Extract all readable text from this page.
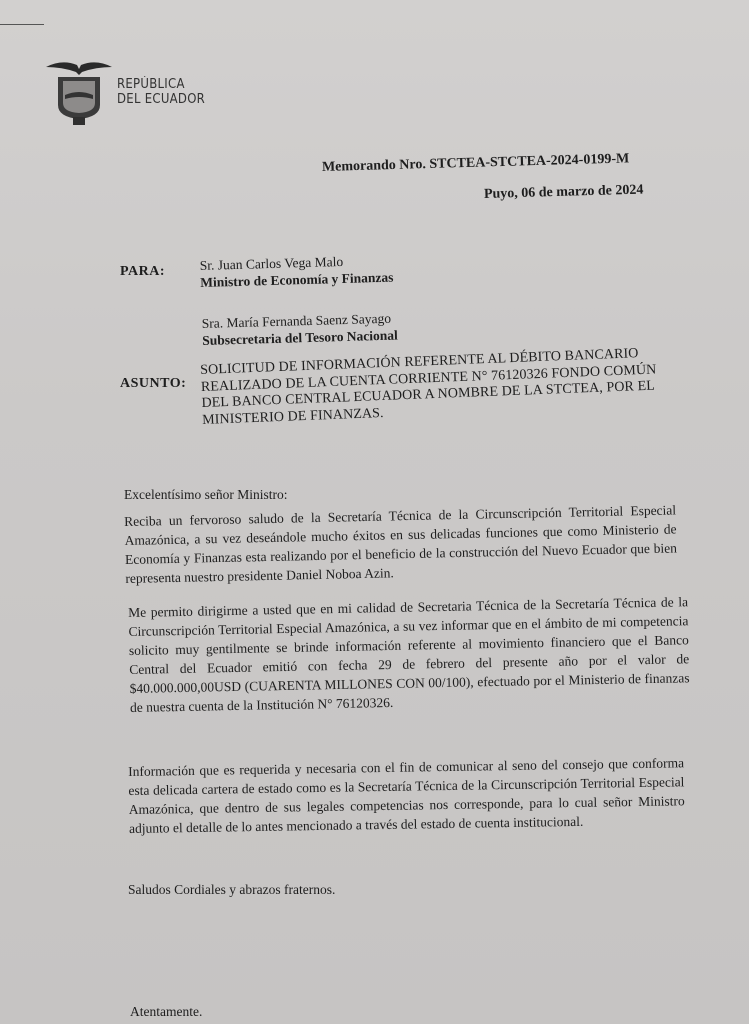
REPÚBLICA
DEL ECUADOR
Memorando Nro. STCTEA-STCTEA-2024-0199-M
Puyo, 06 de marzo de 2024
PARA:	Sr. Juan Carlos Vega Malo
Ministro de Economía y Finanzas
Sra. María Fernanda Saenz Sayago
Subsecretaria del Tesoro Nacional
ASUNTO:
SOLICITUD DE INFORMACIÓN REFERENTE AL DÉBITO BANCARIO REALIZADO DE LA CUENTA CORRIENTE N° 76120326 FONDO COMÚN DEL BANCO CENTRAL ECUADOR A NOMBRE DE LA STCTEA, POR EL MINISTERIO DE FINANZAS.
Excelentísimo señor Ministro:
Reciba un fervoroso saludo de la Secretaría Técnica de la Circunscripción Territorial Especial Amazónica, a su vez deseándole mucho éxitos en sus delicadas funciones que como Ministerio de Economía y Finanzas esta realizando por el beneficio de la construcción del Nuevo Ecuador que bien representa nuestro presidente Daniel Noboa Azin.
Me permito dirigirme a usted que en mi calidad de Secretaria Técnica de la Secretaría Técnica de la Circunscripción Territorial Especial Amazónica, a su vez informar que en el ámbito de mi competencia solicito muy gentilmente se brinde información referente al movimiento financiero que el Banco Central del Ecuador emitió con fecha 29 de febrero del presente año por el valor de $40.000.000,00USD (CUARENTA MILLONES CON 00/100), efectuado por el Ministerio de finanzas de nuestra cuenta de la Institución N° 76120326.
Información que es requerida y necesaria con el fin de comunicar al seno del consejo que conforma esta delicada cartera de estado como es la Secretaría Técnica de la Circunscripción Territorial Especial Amazónica, que dentro de sus legales competencias nos corresponde, para lo cual señor Ministro adjunto el detalle de lo antes mencionado a través del estado de cuenta institucional.
Saludos Cordiales y abrazos fraternos.
Atentamente.
